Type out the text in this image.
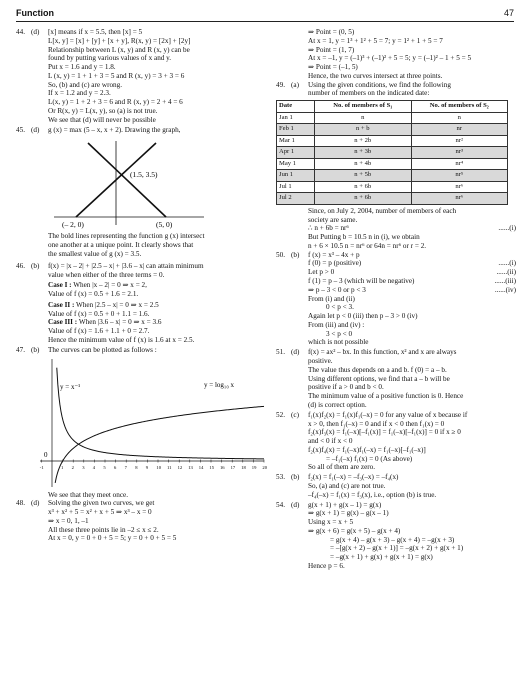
Function	47
44. (d)	[x] means if x = 5.5, then [x] = 5
L[x, y] = [x] + [y] + [x + y], R(x, y) = [2x] + [2y]
Relationship between L (x, y) and R (x, y) can be
found by putting various values of x and y.
Put x = 1.6 and y = 1.8.
L (x, y) = 1 + 1 + 3 = 5 and R (x, y) = 3 + 3 = 6
So, (b) and (c) are wrong.
If x = 1.2 and y = 2.3.
L(x, y) = 1 + 2 + 3 = 6 and R (x, y) = 2 + 4 = 6
Or R(x, y) = L(x, y), so (a) is not true.
We see that (d) will never be possible
45. (d)	g (x) = max (5 – x, x + 2). Drawing the graph,
(1.5, 3.5)
(– 2, 0)	(5, 0)
The bold lines representing the function g (x) intersect
one another at a unique point. It clearly shows that
the smallest value of g (x) = 3.5.
46. (b)	f(x) = |x – 2| + |2.5 – x| + |3.6 – x| can attain minimum
value when either of the three terms = 0.
Case I : When |x – 2| = 0 ⇒ x = 2,
Value of f (x) = 0.5 + 1.6 = 2.1.
Case II : When |2.5 – x| = 0 ⇒ x = 2.5
Value of f (x) = 0.5 + 0 + 1.1 = 1.6.
Case III : When |3.6 – x| = 0 ⇒ x = 3.6
Value of f (x) = 1.6 + 1.1 + 0 = 2.7.
Hence the minimum value of f (x) is 1.6 at x = 2.5.
47. (b)	The curves can be plotted as follows :
-1	1 2 3 4 5 6 7 8 9 10 11 12 13 14 15 16 17 18 19 20
y = log₁₀ x
y = x⁻¹
0
We see that they meet once.
48. (d)	Solving the given two curves, we get
x³ + x² + 5 = x² + x + 5 ⇒ x³ – x = 0
⇒ x = 0, 1, –1
All these three points lie in –2 ≤ x ≤ 2.
At x = 0, y = 0 + 0 + 5 = 5; y = 0 + 0 + 5 = 5
⇒ Point = (0, 5)
At x = 1, y = 1³ + 1² + 5 = 7; y = 1² + 1 + 5 = 7
⇒ Point = (1, 7)
At x = –1, y = (–1)³ + (–1)² + 5 = 5; y = (–1)² – 1 + 5 = 5
⇒ Point = (–1, 5)
Hence, the two curves intersect at three points.
49. (a)	Using the given conditions, we find the following
number of members on the indicated date:
Date	No. of members of S₁	No. of members of S₂
Jan 1	n	n
Feb 1	n + b	nr
Mar 1	n + 2b	nr²
Apr 1	n + 3b	nr³
May 1	n + 4b	nr⁴
Jun 1	n + 5b	nr⁵
Jul 1	n + 6b	nr⁶
Jul 2	n + 6b	nr⁶
Since, on July 2, 2004, number of members of each
society are same.
∴ n + 6b = nr⁶	......(i)
But Putting b = 10.5 n in (i), we obtain
n + 6 × 10.5 n = nr⁶ or 64n = nr⁶ or r = 2.
50. (b)	f (x) = x³ – 4x + p
f (0) = p (positive)	......(i)
Let p > 0	......(ii)
f (1) = p – 3 (which will be negative)	......(iii)
⇒ p – 3 < 0 or p < 3	......(iv)
From (i) and (ii)
0 < p < 3.
Again let p < 0 (iii) then p – 3 > 0 (iv)
From (iii) and (iv) :
3 < p < 0
which is not possible
51. (d)	f(x) = ax² – bx. In this function, x² and x are always
positive.
The value thus depends on a and b. f (0) = a – b.
Using different options, we find that a – b will be
positive if a > 0 and b < 0.
The minimum value of a positive function is 0. Hence
(d) is correct option.
52. (c)	f₁(x)f₂(x) = f₁(x)f₁(–x) = 0 for any value of x because if
x > 0, then f₁(–x) = 0 and if x < 0 then f₁(x) = 0
f₂(x)f₃(x) = f₁(–x)[–f₁(x)] = f₁(–x)[–f₁(x)] = 0 if x ≥ 0
and < 0 if x < 0
f₂(x)f₄(x) = f₁(–x)f₁(–x) = f₁(–x)[–f₁(–x)]
= –f₁(–x) f₁(x) = 0 (As above)
So all of them are zero.
53. (b)	f₂(x) = f₁(–x) = –f₃(–x) = –f₄(x)
So, (a) and (c) are not true.
–f₄(–x) = f₁(x) = f₃(x), i.e., option (b) is true.
54. (d)	g(x + 1) + g(x – 1) = g(x)
⇒ g(x + 1) = g(x) – g(x – 1)
Using x = x + 5
⇒ g(x + 6) = g(x + 5) – g(x + 4)
= g(x + 4) – g(x + 3) – g(x + 4) = –g(x + 3)
= –[g(x + 2) – g(x + 1)] = –g(x + 2) + g(x + 1)
= –g(x + 1) + g(x) + g(x + 1) = g(x)
Hence p = 6.
